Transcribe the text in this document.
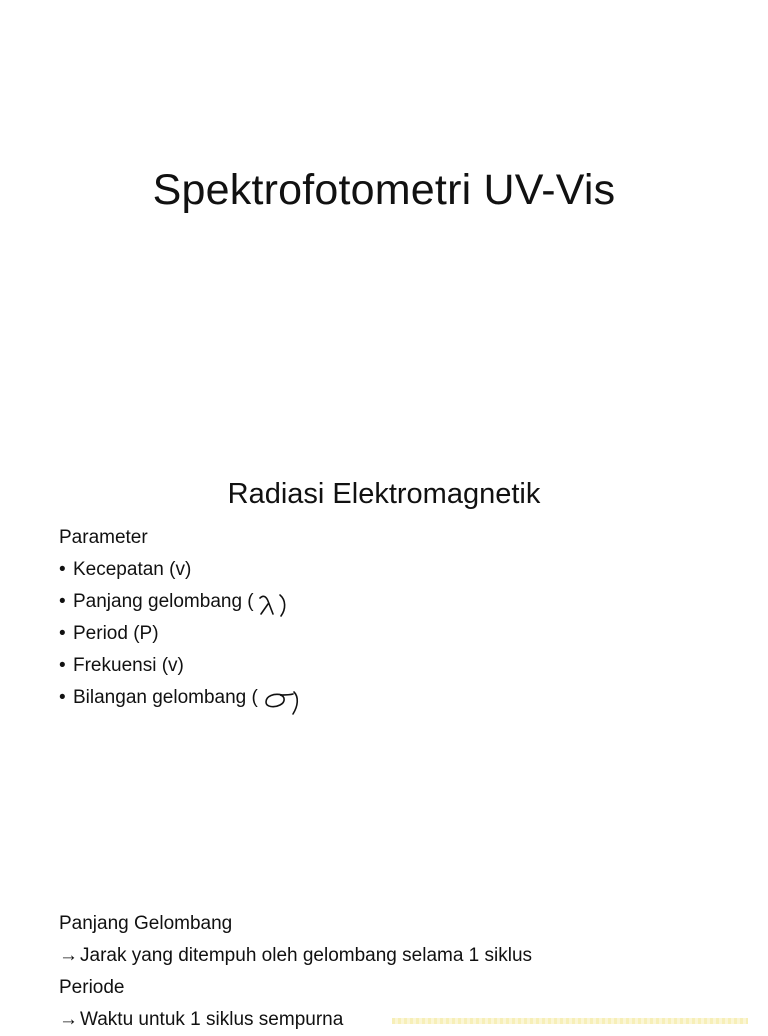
Spektrofotometri UV-Vis
Radiasi Elektromagnetik
Parameter
• Kecepatan (v)
• Panjang gelombang (
• Period (P)
• Frekuensi (v)
• Bilangan gelombang (
Panjang Gelombang
→ Jarak yang ditempuh oleh gelombang selama 1 siklus
Periode
→ Waktu untuk 1 siklus sempurna
